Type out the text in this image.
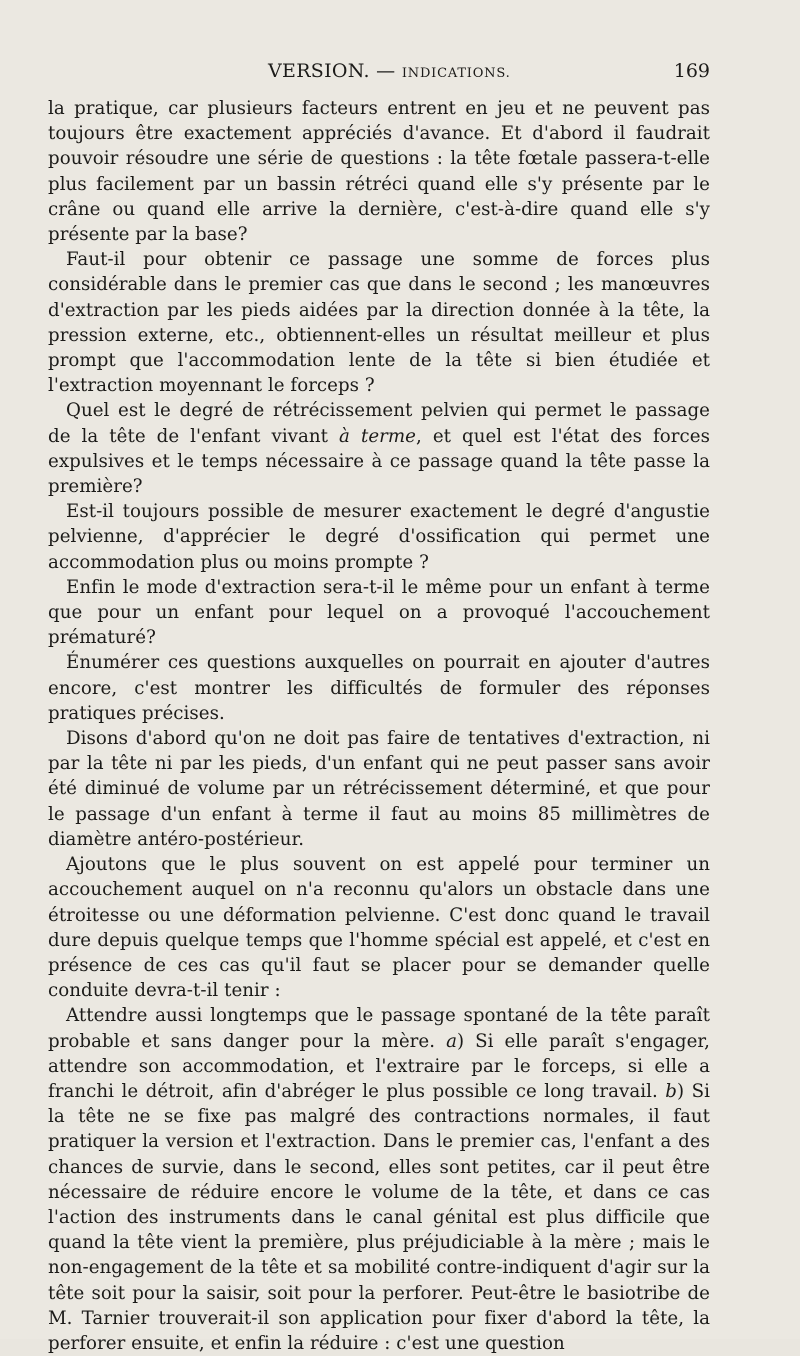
VERSION. — INDICATIONS.	169

la pratique, car plusieurs facteurs entrent en jeu et ne peuvent pas toujours être exactement appréciés d'avance. Et d'abord il faudrait pouvoir résoudre une série de questions : la tête fœtale passera-t-elle plus facilement par un bassin rétréci quand elle s'y présente par le crâne ou quand elle arrive la dernière, c'est-à-dire quand elle s'y présente par la base?

Faut-il pour obtenir ce passage une somme de forces plus considérable dans le premier cas que dans le second ; les manœuvres d'extraction par les pieds aidées par la direction donnée à la tête, la pression externe, etc., obtiennent-elles un résultat meilleur et plus prompt que l'accommodation lente de la tête si bien étudiée et l'extraction moyennant le forceps ?

Quel est le degré de rétrécissement pelvien qui permet le passage de la tête de l'enfant vivant à terme, et quel est l'état des forces expulsives et le temps nécessaire à ce passage quand la tête passe la première?

Est-il toujours possible de mesurer exactement le degré d'angustie pelvienne, d'apprécier le degré d'ossification qui permet une accommodation plus ou moins prompte ?

Enfin le mode d'extraction sera-t-il le même pour un enfant à terme que pour un enfant pour lequel on a provoqué l'accouchement prématuré?

Énumérer ces questions auxquelles on pourrait en ajouter d'autres encore, c'est montrer les difficultés de formuler des réponses pratiques précises.

Disons d'abord qu'on ne doit pas faire de tentatives d'extraction, ni par la tête ni par les pieds, d'un enfant qui ne peut passer sans avoir été diminué de volume par un rétrécissement déterminé, et que pour le passage d'un enfant à terme il faut au moins 85 millimètres de diamètre antéro-postérieur.

Ajoutons que le plus souvent on est appelé pour terminer un accouchement auquel on n'a reconnu qu'alors un obstacle dans une étroitesse ou une déformation pelvienne. C'est donc quand le travail dure depuis quelque temps que l'homme spécial est appelé, et c'est en présence de ces cas qu'il faut se placer pour se demander quelle conduite devra-t-il tenir :

Attendre aussi longtemps que le passage spontané de la tête paraît probable et sans danger pour la mère. a) Si elle paraît s'engager, attendre son accommodation, et l'extraire par le forceps, si elle a franchi le détroit, afin d'abréger le plus possible ce long travail. b) Si la tête ne se fixe pas malgré des contractions normales, il faut pratiquer la version et l'extraction. Dans le premier cas, l'enfant a des chances de survie, dans le second, elles sont petites, car il peut être nécessaire de réduire encore le volume de la tête, et dans ce cas l'action des instruments dans le canal génital est plus difficile que quand la tête vient la première, plus préjudiciable à la mère ; mais le non-engagement de la tête et sa mobilité contre-indiquent d'agir sur la tête soit pour la saisir, soit pour la perforer. Peut-être le basiotribe de M. Tarnier trouverait-il son application pour fixer d'abord la tête, la perforer ensuite, et enfin la réduire : c'est une question
